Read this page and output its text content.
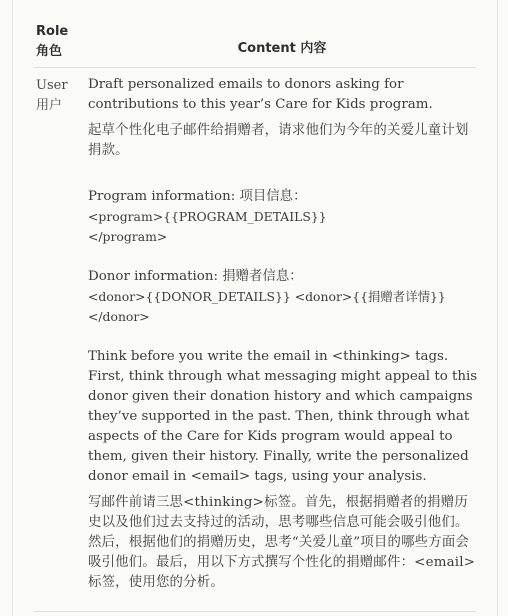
Role
角色	Content 内容
User
用户

Draft personalized emails to donors asking for contributions to this year’s Care for Kids program.

起草个性化电子邮件给捐赠者，请求他们为今年的关爱儿童计划捐款。

Program information: 项目信息：

<program>{{PROGRAM_DETAILS}}

</program>

Donor information: 捐赠者信息：

<donor>{{DONOR_DETAILS}} <donor>{{捐赠者详情}}

</donor>

Think before you write the email in <thinking> tags. First, think through what messaging might appeal to this donor given their donation history and which campaigns they’ve supported in the past. Then, think through what aspects of the Care for Kids program would appeal to them, given their history. Finally, write the personalized donor email in <email> tags, using your analysis.

写邮件前请三思<thinking>标签。首先，根据捐赠者的捐赠历史以及他们过去支持过的活动，思考哪些信息可能会吸引他们。然后，根据他们的捐赠历史，思考“关爱儿童”项目的哪些方面会吸引他们。最后，用以下方式撰写个性化的捐赠邮件：<email> 标签，使用您的分析。
